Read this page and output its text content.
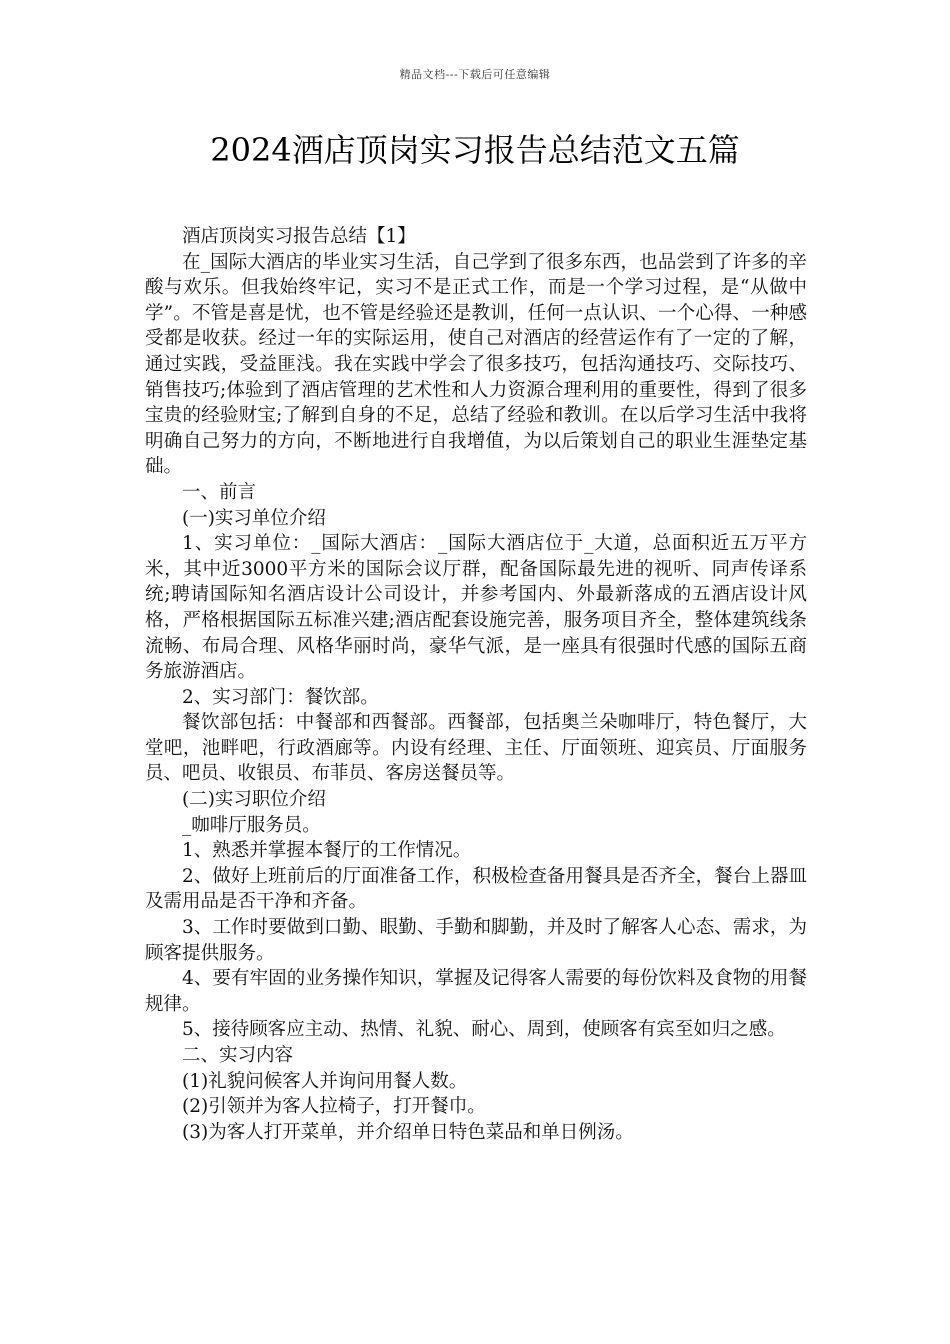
精品文档---下载后可任意编辑
2024酒店顶岗实习报告总结范文五篇

酒店顶岗实习报告总结【1】

在_国际大酒店的毕业实习生活，自己学到了很多东西，也品尝到了许多的辛酸与欢乐。但我始终牢记，实习不是正式工作，而是一个学习过程，是“从做中学”。不管是喜是忧，也不管是经验还是教训，任何一点认识、一个心得、一种感受都是收获。经过一年的实际运用，使自己对酒店的经营运作有了一定的了解，通过实践，受益匪浅。我在实践中学会了很多技巧，包括沟通技巧、交际技巧、销售技巧;体验到了酒店管理的艺术性和人力资源合理利用的重要性，得到了很多宝贵的经验财宝;了解到自身的不足，总结了经验和教训。在以后学习生活中我将明确自己努力的方向，不断地进行自我增值，为以后策划自己的职业生涯垫定基础。

一、前言

(一)实习单位介绍

1、实习单位：_国际大酒店：_国际大酒店位于_大道，总面积近五万平方米，其中近3000平方米的国际会议厅群，配备国际最先进的视听、同声传译系统;聘请国际知名酒店设计公司设计，并参考国内、外最新落成的五酒店设计风格，严格根据国际五标准兴建;酒店配套设施完善，服务项目齐全，整体建筑线条流畅、布局合理、风格华丽时尚，豪华气派，是一座具有很强时代感的国际五商务旅游酒店。

2、实习部门：餐饮部。

餐饮部包括：中餐部和西餐部。西餐部，包括奥兰朵咖啡厅，特色餐厅，大堂吧，池畔吧，行政酒廊等。内设有经理、主任、厅面领班、迎宾员、厅面服务员、吧员、收银员、布菲员、客房送餐员等。

(二)实习职位介绍

_咖啡厅服务员。

1、熟悉并掌握本餐厅的工作情况。

2、做好上班前后的厅面准备工作，积极检查备用餐具是否齐全，餐台上器皿及需用品是否干净和齐备。

3、工作时要做到口勤、眼勤、手勤和脚勤，并及时了解客人心态、需求，为顾客提供服务。

4、要有牢固的业务操作知识，掌握及记得客人需要的每份饮料及食物的用餐规律。

5、接待顾客应主动、热情、礼貌、耐心、周到，使顾客有宾至如归之感。

二、实习内容

(1)礼貌问候客人并询问用餐人数。

(2)引领并为客人拉椅子，打开餐巾。

(3)为客人打开菜单，并介绍单日特色菜品和单日例汤。
